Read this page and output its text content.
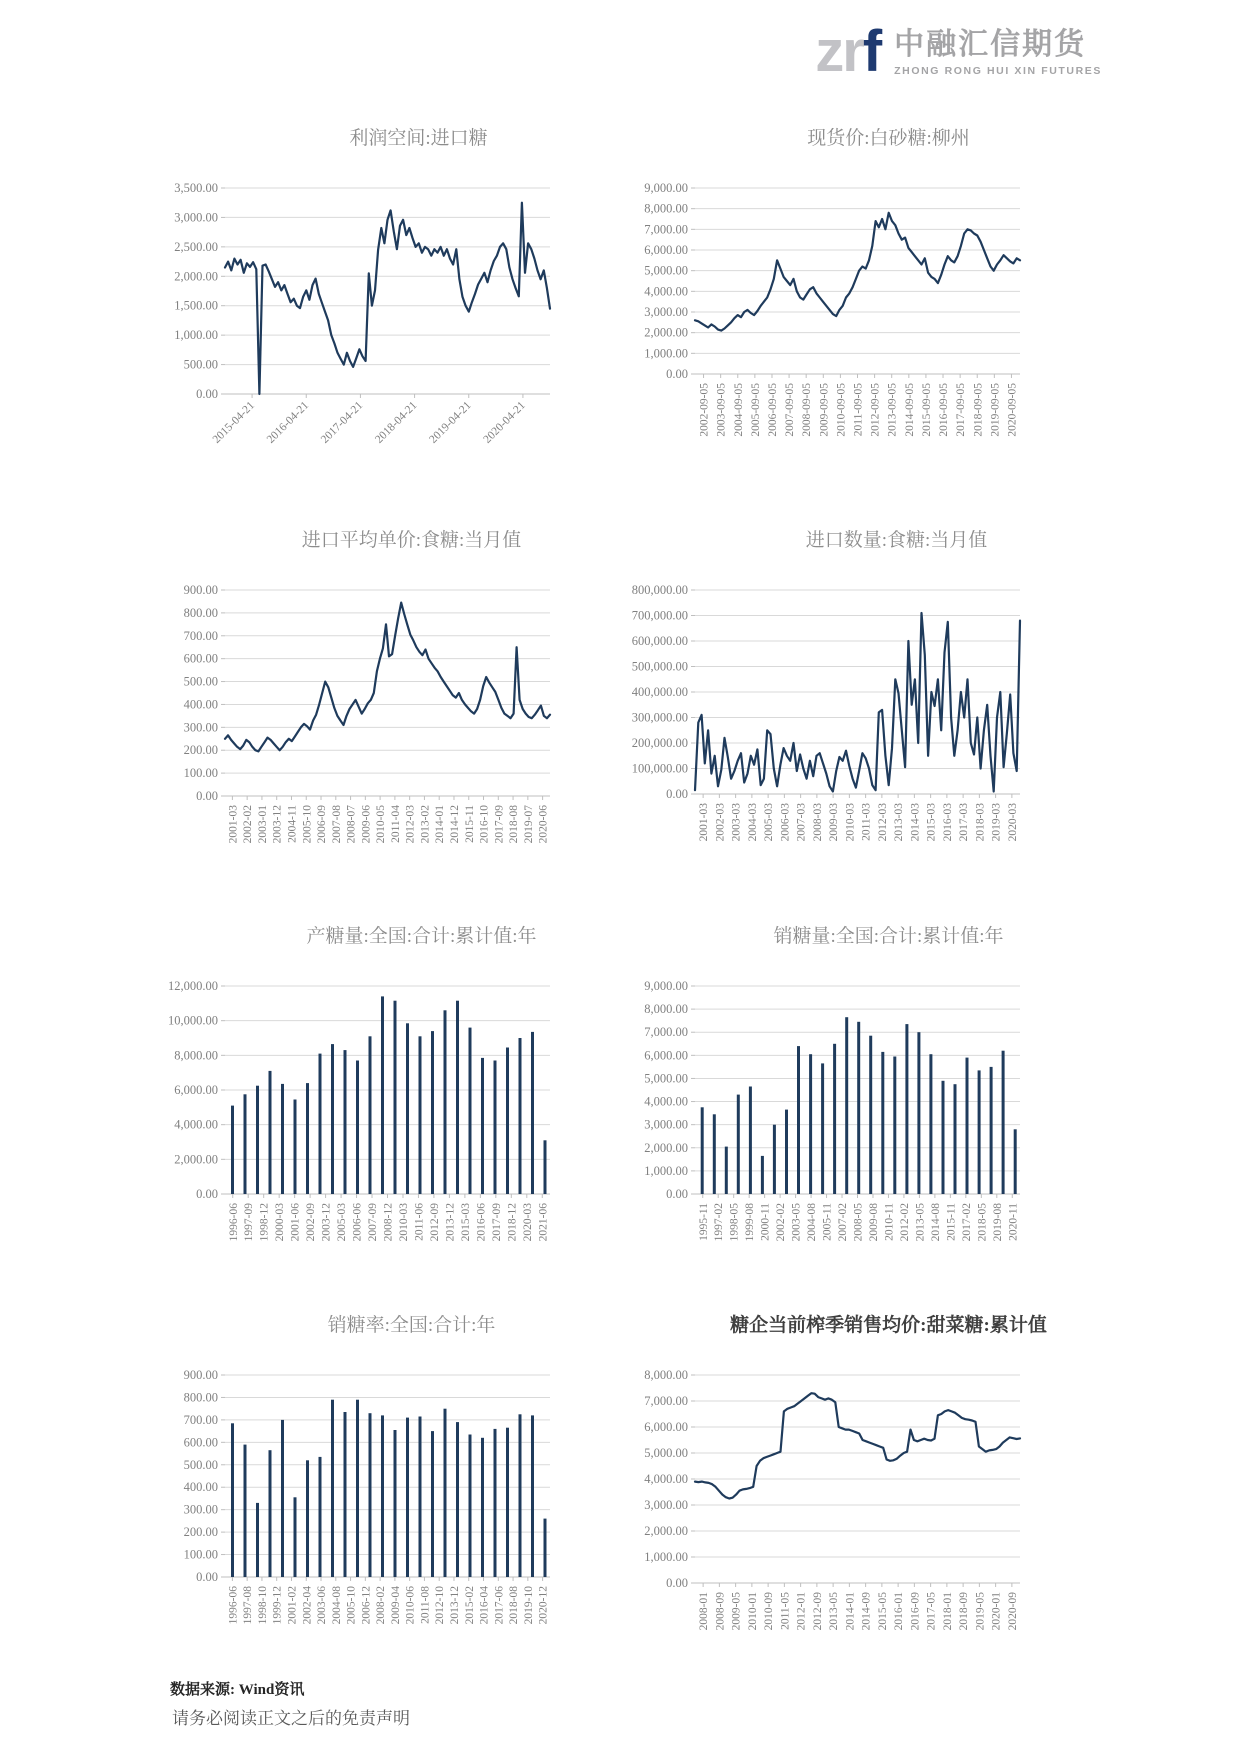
zrf 中融汇信期货
ZHONG RONG HUI XIN FUTURES
利润空间:进口糖
0.00
500.00
1,000.00
1,500.00
2,000.00
2,500.00
3,000.00
3,500.00
2015-04-21 2016-04-21 2017-04-21 2018-04-21 2019-04-21 2020-04-21
现货价:白砂糖:柳州
0.00
1,000.00
2,000.00
3,000.00
4,000.00
5,000.00
6,000.00
7,000.00
8,000.00
9,000.00
2002-09-05 2003-09-05 2004-09-05 2005-09-05 2006-09-05 2007-09-05 2008-09-05 2009-09-05 2010-09-05 2011-09-05 2012-09-05 2013-09-05 2014-09-05 2015-09-05 2016-09-05 2017-09-05 2018-09-05 2019-09-05 2020-09-05
进口平均单价:食糖:当月值
0.00
100.00
200.00
300.00
400.00
500.00
600.00
700.00
800.00
900.00
2001-03 2002-02 2003-01 2003-12 2004-11 2005-10 2006-09 2007-08 2008-07 2009-06 2010-05 2011-04 2012-03 2013-02 2014-01 2014-12 2015-11 2016-10 2017-09 2018-08 2019-07 2020-06
进口数量:食糖:当月值
0.00
100,000.00
200,000.00
300,000.00
400,000.00
500,000.00
600,000.00
700,000.00
800,000.00
2001-03 2002-03 2003-03 2004-03 2005-03 2006-03 2007-03 2008-03 2009-03 2010-03 2011-03 2012-03 2013-03 2014-03 2015-03 2016-03 2017-03 2018-03 2019-03 2020-03
产糖量:全国:合计:累计值:年
0.00
2,000.00
4,000.00
6,000.00
8,000.00
10,000.00
12,000.00
1996-06 1997-09 1998-12 2000-03 2001-06 2002-09 2003-12 2005-03 2006-06 2007-09 2008-12 2010-03 2011-06 2012-09 2013-12 2015-03 2016-06 2017-09 2018-12 2020-03 2021-06
销糖量:全国:合计:累计值:年
0.00
1,000.00
2,000.00
3,000.00
4,000.00
5,000.00
6,000.00
7,000.00
8,000.00
9,000.00
1995-11 1997-02 1998-05 1999-08 2000-11 2002-02 2003-05 2004-08 2005-11 2007-02 2008-05 2009-08 2010-11 2012-02 2013-05 2014-08 2015-11 2017-02 2018-05 2019-08 2020-11
销糖率:全国:合计:年
0.00
100.00
200.00
300.00
400.00
500.00
600.00
700.00
800.00
900.00
1996-06 1997-08 1998-10 1999-12 2001-02 2002-04 2003-06 2004-08 2005-10 2006-12 2008-02 2009-04 2010-06 2011-08 2012-10 2013-12 2015-02 2016-04 2017-06 2018-08 2019-10 2020-12
糖企当前榨季销售均价:甜菜糖:累计值
0.00
1,000.00
2,000.00
3,000.00
4,000.00
5,000.00
6,000.00
7,000.00
8,000.00
2008-01 2008-09 2009-05 2010-01 2010-09 2011-05 2012-01 2012-09 2013-05 2014-01 2014-09 2015-05 2016-01 2016-09 2017-05 2018-01 2018-09 2019-05 2020-01 2020-09
数据来源: Wind资讯
请务必阅读正文之后的免责声明
